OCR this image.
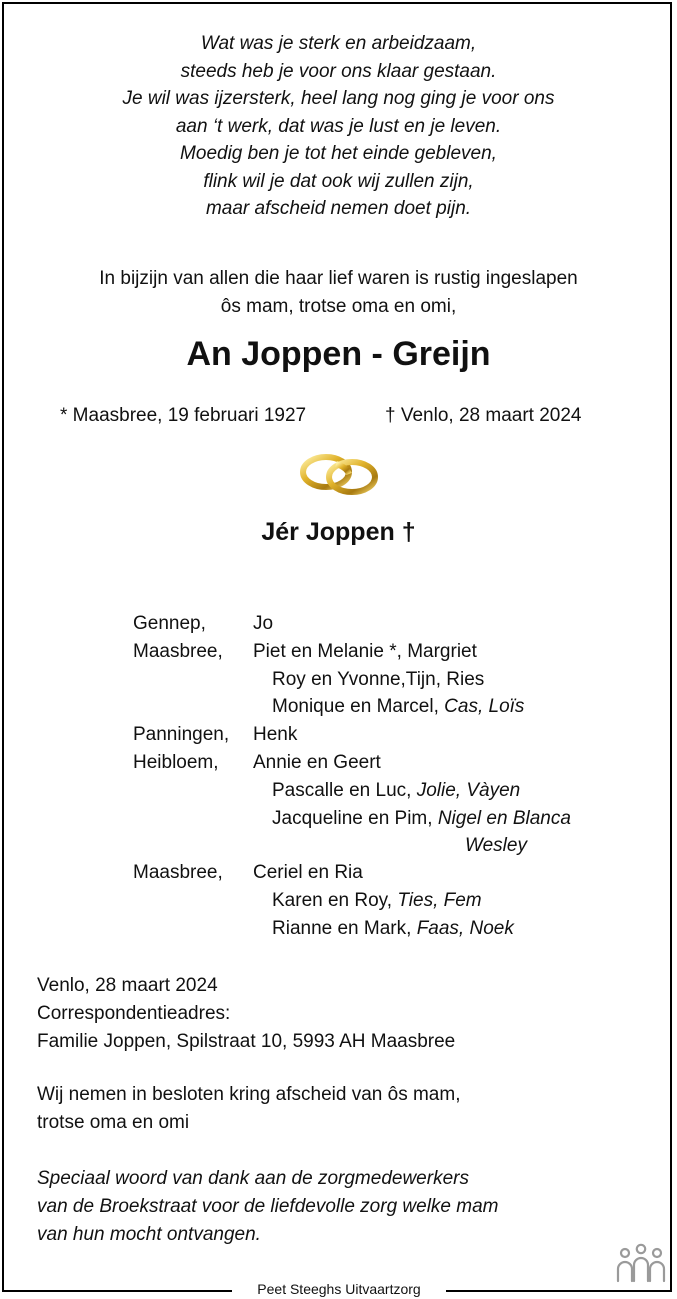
Wat was je sterk en arbeidzaam,
steeds heb je voor ons klaar gestaan.
Je wil was ijzersterk, heel lang nog ging je voor ons
aan ‘t werk, dat was je lust en je leven.
Moedig ben je tot het einde gebleven,
flink wil je dat ook wij zullen zijn,
maar afscheid nemen doet pijn.
In bijzijn van allen die haar lief waren is rustig ingeslapen
ôs mam, trotse oma en omi,
An Joppen - Greijn
* Maasbree, 19 februari 1927	† Venlo, 28 maart 2024
Jér Joppen †
Gennep, Jo
Maasbree, Piet en Melanie *, Margriet
Roy en Yvonne,Tijn, Ries
Monique en Marcel, Cas, Loïs
Panningen, Henk
Heibloem, Annie en Geert
Pascalle en Luc, Jolie, Vàyen
Jacqueline en Pim, Nigel en Blanca
Wesley
Maasbree, Ceriel en Ria
Karen en Roy, Ties, Fem
Rianne en Mark, Faas, Noek
Venlo, 28 maart 2024
Correspondentieadres:
Familie Joppen, Spilstraat 10, 5993 AH Maasbree
Wij nemen in besloten kring afscheid van ôs mam,
trotse oma en omi
Speciaal woord van dank aan de zorgmedewerkers
van de Broekstraat voor de liefdevolle zorg welke mam
van hun mocht ontvangen.
Peet Steeghs Uitvaartzorg
